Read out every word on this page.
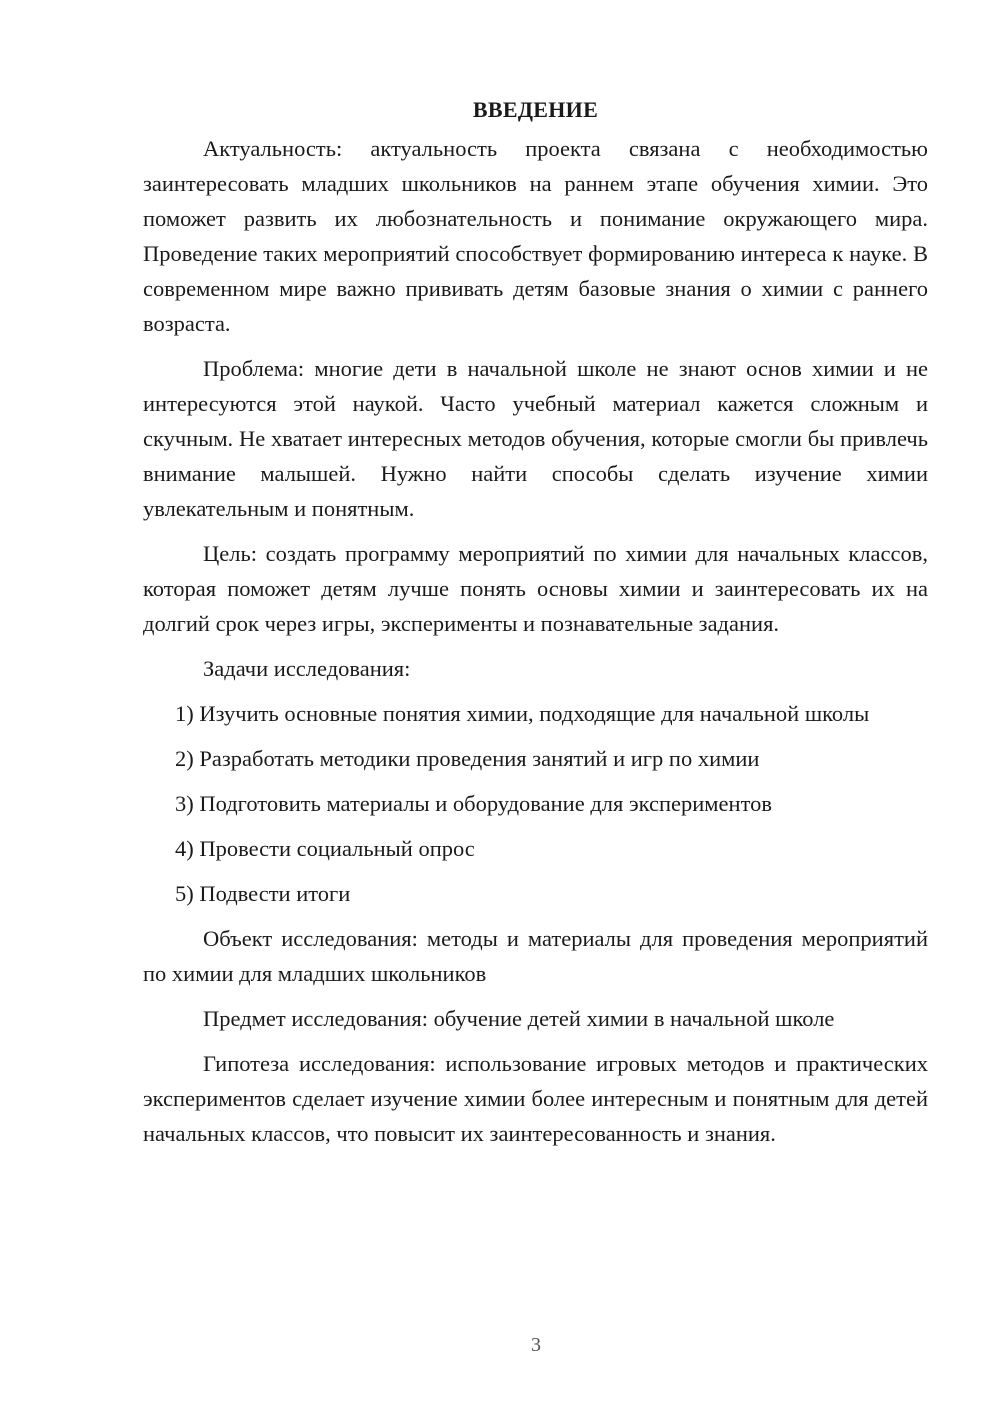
ВВЕДЕНИЕ

Актуальность: актуальность проекта связана с необходимостью заинтересовать младших школьников на раннем этапе обучения химии. Это поможет развить их любознательность и понимание окружающего мира. Проведение таких мероприятий способствует формированию интереса к науке. В современном мире важно прививать детям базовые знания о химии с раннего возраста.

Проблема: многие дети в начальной школе не знают основ химии и не интересуются этой наукой. Часто учебный материал кажется сложным и скучным. Не хватает интересных методов обучения, которые смогли бы привлечь внимание малышей. Нужно найти способы сделать изучение химии увлекательным и понятным.

Цель: создать программу мероприятий по химии для начальных классов, которая поможет детям лучше понять основы химии и заинтересовать их на долгий срок через игры, эксперименты и познавательные задания.

Задачи исследования:

1) Изучить основные понятия химии, подходящие для начальной школы

2) Разработать методики проведения занятий и игр по химии

3) Подготовить материалы и оборудование для экспериментов

4) Провести социальный опрос

5) Подвести итоги

Объект исследования: методы и материалы для проведения мероприятий по химии для младших школьников

Предмет исследования: обучение детей химии в начальной школе

Гипотеза исследования: использование игровых методов и практических экспериментов сделает изучение химии более интересным и понятным для детей начальных классов, что повысит их заинтересованность и знания.

3
